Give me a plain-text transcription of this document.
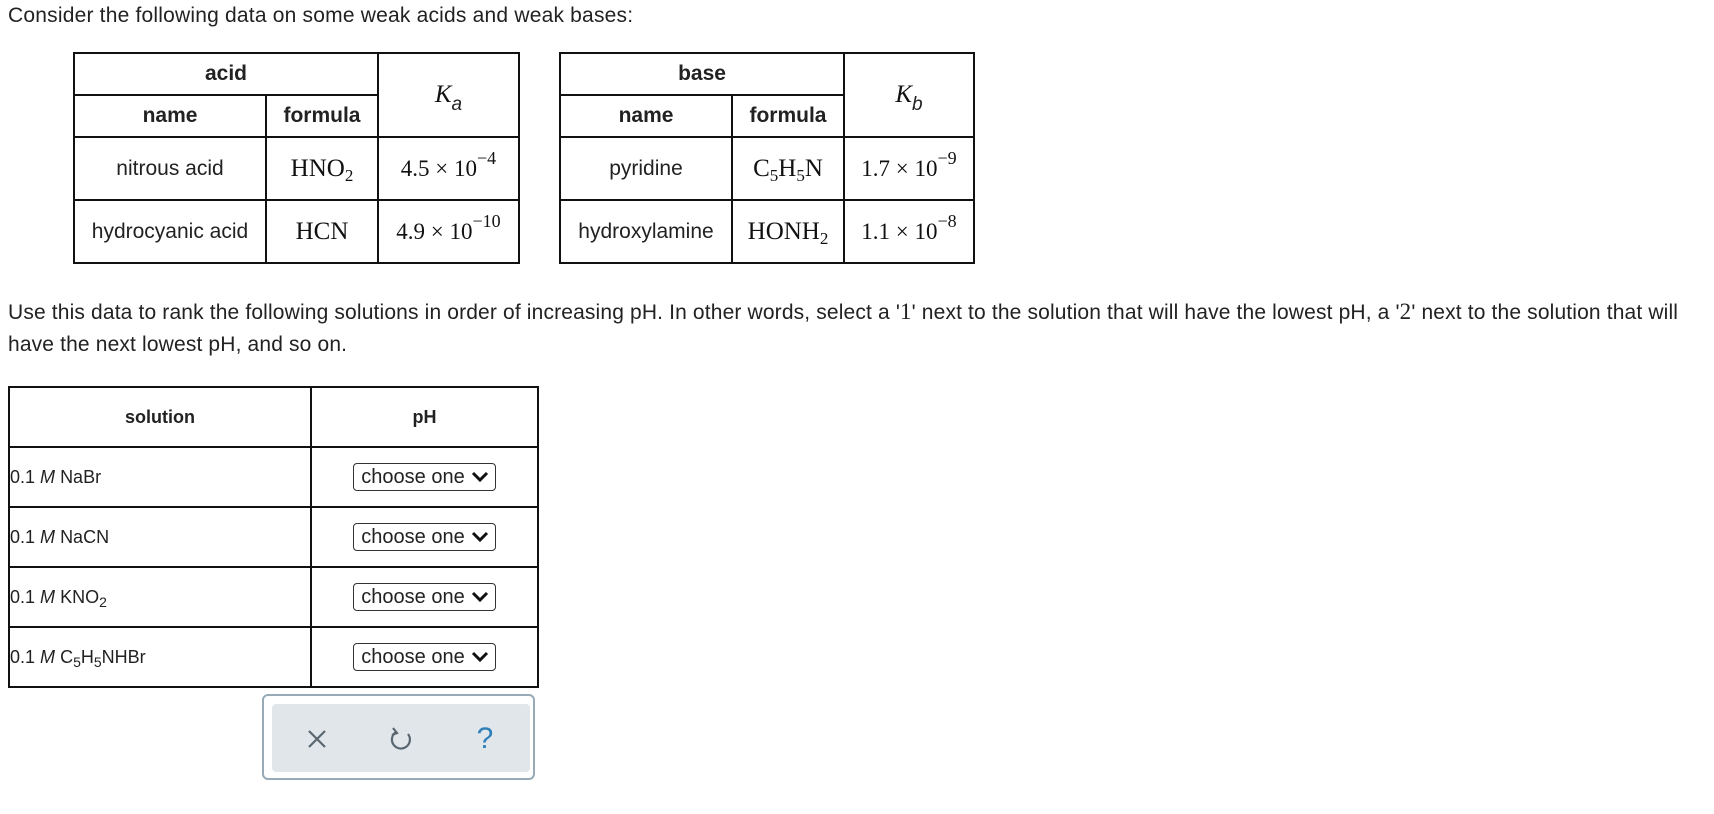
Consider the following data on some weak acids and weak bases:
acid		Ka
name	formula	
nitrous acid	$HNO_2$	$4.5 \times 10^{-4}$
hydrocyanic acid	HCN	$4.9 \times 10^{-10}$
base		Kb
name	formula	
pyridine	$C_5H_5N$	$1.7 \times 10^{-9}$
hydroxylamine	$HONH_2$	$1.1 \times 10^{-8}$
Use this data to rank the following solutions in order of increasing pH. In other words, select a '1' next to the solution that will have the lowest pH, a '2' next to the solution that will have the next lowest pH, and so on.
solution	pH
0.1 M NaBr	choose one

0.1 M NaCN	choose one

0.1 M $KNO_2$	choose one

0.1 M $C_5H_5NHBr$	choose one
?
